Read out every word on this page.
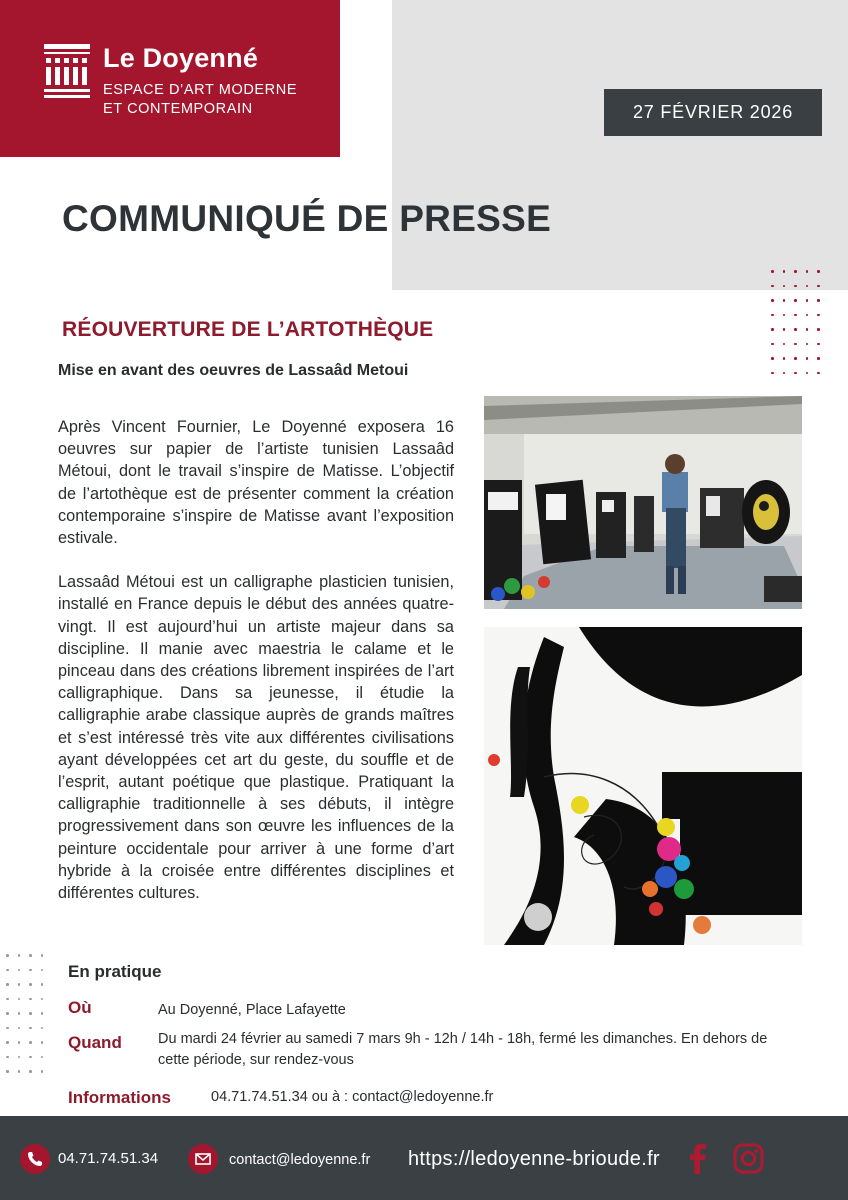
Le Doyenné
ESPACE D’ART MODERNE
ET CONTEMPORAIN	27 FÉVRIER 2026
COMMUNIQUÉ DE PRESSE
RÉOUVERTURE DE L’ARTOTHÈQUE
Mise en avant des oeuvres de Lassaâd Metoui

Après Vincent Fournier, Le Doyenné exposera 16 oeuvres sur papier de l’artiste tunisien Lassaâd Métoui, dont le travail s’inspire de Matisse. L’objectif de l’artothèque est de présenter comment la création contemporaine s’inspire de Matisse avant l’exposition estivale.

Lassaâd Métoui est un calligraphe plasticien tunisien, installé en France depuis le début des années quatre-vingt. Il est aujourd’hui un artiste majeur dans sa discipline. Il manie avec maestria le calame et le pinceau dans des créations librement inspirées de l’art calligraphique. Dans sa jeunesse, il étudie la calligraphie arabe classique auprès de grands maîtres et s’est intéressé très vite aux différentes civilisations ayant développées cet art du geste, du souffle et de l’esprit, autant poétique que plastique. Pratiquant la calligraphie traditionnelle à ses débuts, il intègre progressivement dans son œuvre les influences de la peinture occidentale pour arriver à une forme d’art hybride à la croisée entre différentes disciplines et différentes cultures.

En pratique
Où	Au Doyenné, Place Lafayette
Quand Du mardi 24 février au samedi 7 mars 9h - 12h / 14h - 18h, fermé les dimanches. En dehors de cette période, sur rendez-vous
Informations	04.71.74.51.34 ou à : contact@ledoyenne.fr
04.71.74.51.34	contact@ledoyenne.fr https://ledoyenne-brioude.fr
